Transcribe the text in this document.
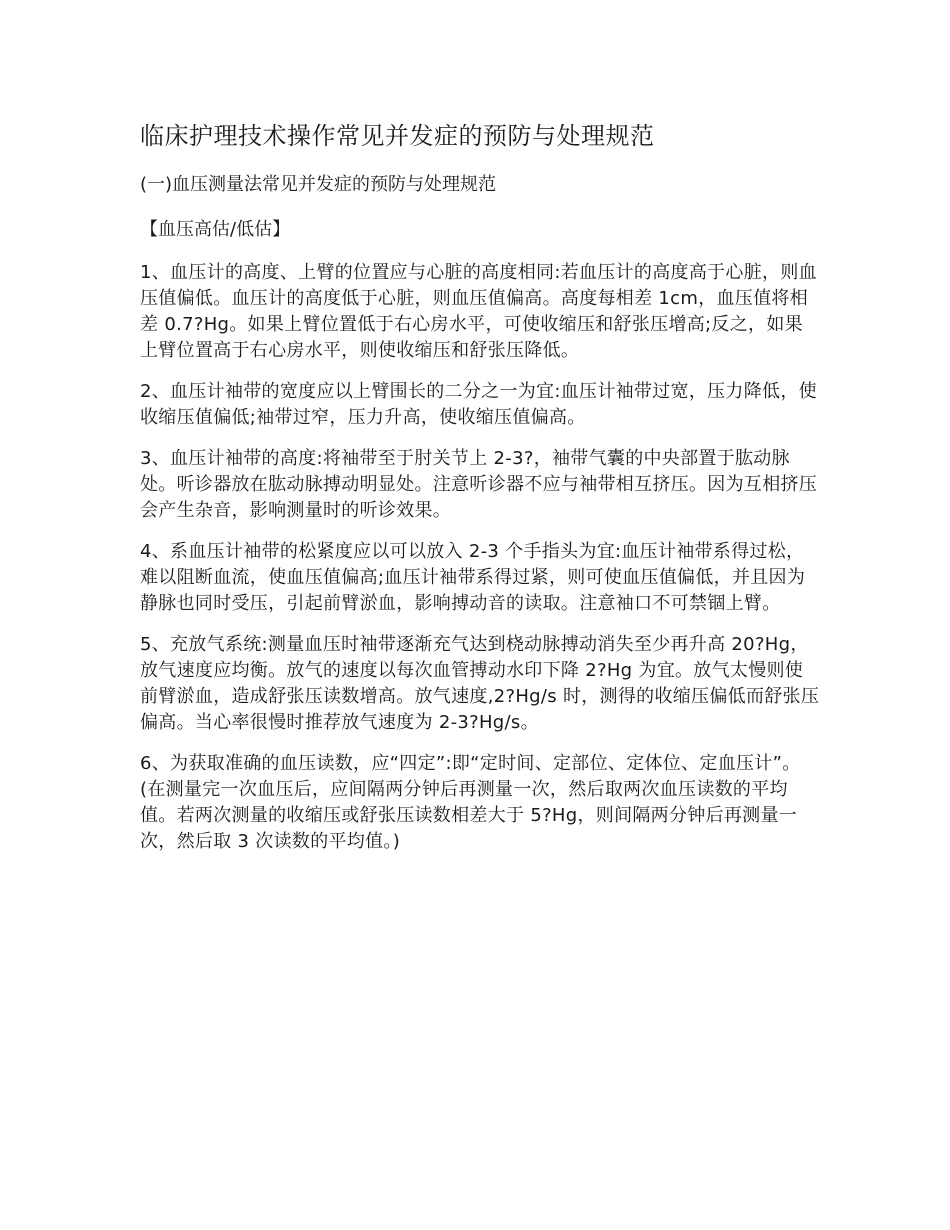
临床护理技术操作常见并发症的预防与处理规范

(一)血压测量法常见并发症的预防与处理规范

【血压高估/低估】

1、血压计的高度、上臂的位置应与心脏的高度相同:若血压计的高度高于心脏，则血压值偏低。血压计的高度低于心脏，则血压值偏高。高度每相差 1cm，血压值将相差 0.7?Hg。如果上臂位置低于右心房水平，可使收缩压和舒张压增高;反之，如果上臂位置高于右心房水平，则使收缩压和舒张压降低。

2、血压计袖带的宽度应以上臂围长的二分之一为宜:血压计袖带过宽，压力降低，使收缩压值偏低;袖带过窄，压力升高，使收缩压值偏高。

3、血压计袖带的高度:将袖带至于肘关节上 2-3?，袖带气囊的中央部置于肱动脉处。听诊器放在肱动脉搏动明显处。注意听诊器不应与袖带相互挤压。因为互相挤压会产生杂音，影响测量时的听诊效果。

4、系血压计袖带的松紧度应以可以放入 2-3 个手指头为宜:血压计袖带系得过松，难以阻断血流，使血压值偏高;血压计袖带系得过紧，则可使血压值偏低，并且因为静脉也同时受压，引起前臂淤血，影响搏动音的读取。注意袖口不可禁锢上臂。

5、充放气系统:测量血压时袖带逐渐充气达到桡动脉搏动消失至少再升高 20?Hg，放气速度应均衡。放气的速度以每次血管搏动水印下降 2?Hg 为宜。放气太慢则使前臂淤血，造成舒张压读数增高。放气速度,2?Hg/s 时，测得的收缩压偏低而舒张压偏高。当心率很慢时推荐放气速度为 2-3?Hg/s。

6、为获取准确的血压读数，应“四定”:即“定时间、定部位、定体位、定血压计”。(在测量完一次血压后，应间隔两分钟后再测量一次，然后取两次血压读数的平均值。若两次测量的收缩压或舒张压读数相差大于 5?Hg，则间隔两分钟后再测量一次，然后取 3 次读数的平均值。)
